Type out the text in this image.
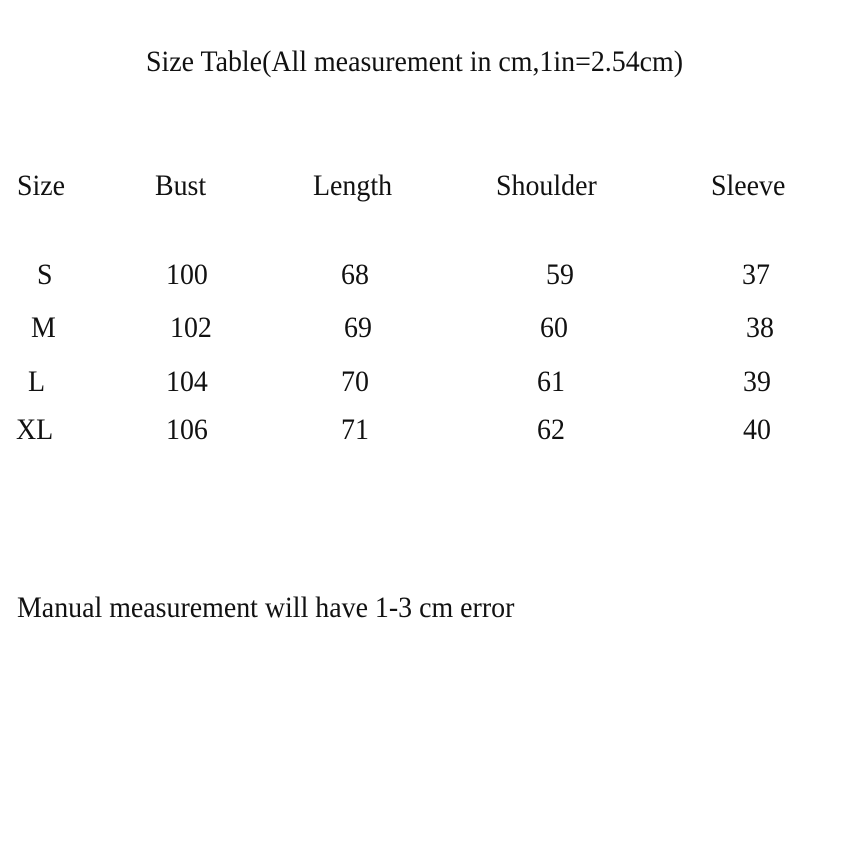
Size Table(All measurement in cm,1in=2.54cm)
Size	Bust	Length	Shoulder	Sleeve
S	100	68	59	37
M	102	69	60	38
L	104	70	61	39
XL	106	71	62	40
Manual measurement will have 1-3 cm error
